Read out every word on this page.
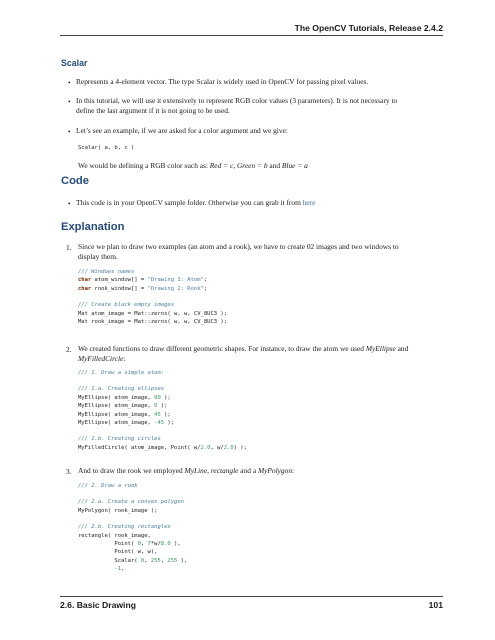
The OpenCV Tutorials, Release 2.4.2
Scalar
• Represents a 4-element vector. The type Scalar is widely used in OpenCV for passing pixel values.
• In this tutorial, we will use it extensively to represent RGB color values (3 parameters). It is not necessary to
define the last argument if it is not going to be used.
• Let’s see an example, if we are asked for a color argument and we give:
Scalar( a, b, c )
We would be defining a RGB color such as: Red = c, Green = b and Blue = a
Code
• This code is in your OpenCV sample folder. Otherwise you can grab it from here
Explanation
1. Since we plan to draw two examples (an atom and a rook), we have to create 02 images and two windows to
display them.
/// Windows names
char atom_window[] = "Drawing 1: Atom";
char rook_window[] = "Drawing 2: Rook";
/// Create black empty images
Mat atom_image = Mat::zeros( w, w, CV_8UC3 );
Mat rook_image = Mat::zeros( w, w, CV_8UC3 );
2. We created functions to draw different geometric shapes. For instance, to draw the atom we used MyEllipse and
MyFilledCircle:
/// 1. Draw a simple atom:
/// 1.a. Creating ellipses
MyEllipse( atom_image, 90 );
MyEllipse( atom_image, 0 );
MyEllipse( atom_image, 45 );
MyEllipse( atom_image, -45 );
/// 1.b. Creating circles
MyFilledCircle( atom_image, Point( w/2.0, w/2.0) );
3. And to draw the rook we employed MyLine, rectangle and a MyPolygon:
/// 2. Draw a rook
/// 2.a. Create a convex polygon
MyPolygon( rook_image );
/// 2.b. Creating rectangles
rectangle( rook_image,
Point( 0, 7*w/8.0 ),
Point( w, w),
Scalar( 0, 255, 255 ),
-1,
2.6. Basic Drawing	101
